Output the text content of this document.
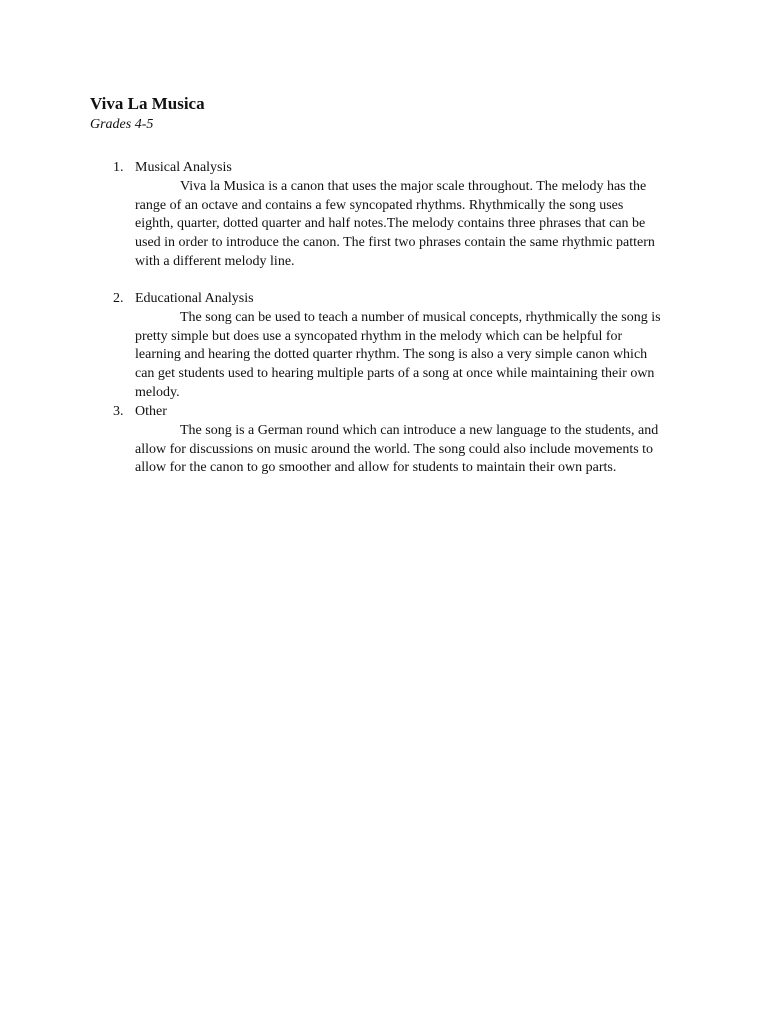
Viva La Musica
Grades 4-5
1. Musical Analysis

Viva la Musica is a canon that uses the major scale throughout. The melody has the range of an octave and contains a few syncopated rhythms. Rhythmically the song uses eighth, quarter, dotted quarter and half notes.The melody contains three phrases that can be used in order to introduce the canon. The first two phrases contain the same rhythmic pattern with a different melody line.

2. Educational Analysis

The song can be used to teach a number of musical concepts, rhythmically the song is pretty simple but does use a syncopated rhythm in the melody which can be helpful for learning and hearing the dotted quarter rhythm. The song is also a very simple canon which can get students used to hearing multiple parts of a song at once while maintaining their own melody.

3. Other

The song is a German round which can introduce a new language to the students, and allow for discussions on music around the world. The song could also include movements to allow for the canon to go smoother and allow for students to maintain their own parts.
